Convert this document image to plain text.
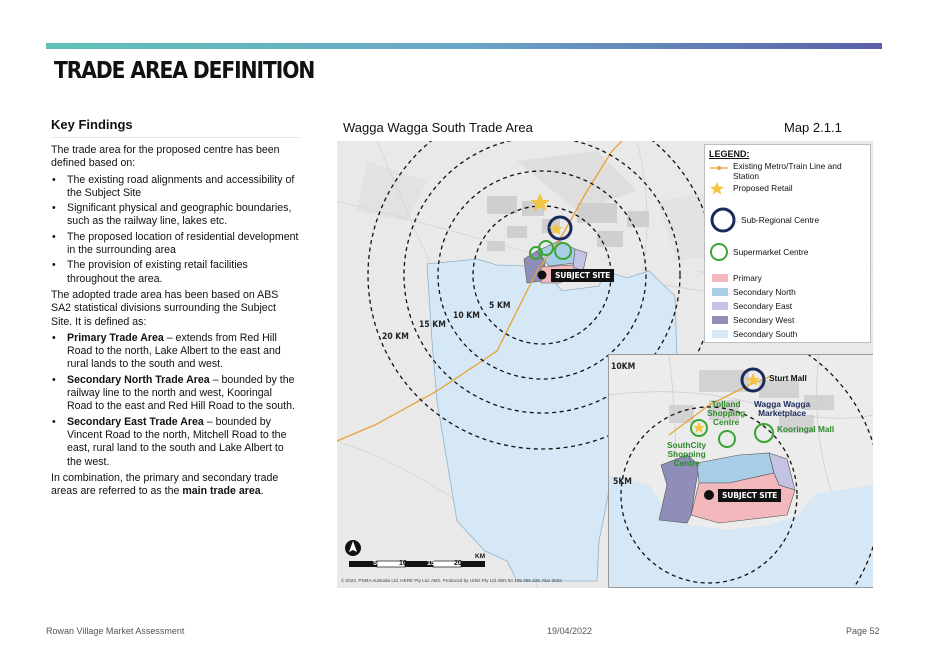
TRADE AREA DEFINITION
Key Findings

The trade area for the proposed centre has been defined based on:

• The existing road alignments and accessibility of the Subject Site
• Significant physical and geographic boundaries, such as the railway line, lakes etc.
• The proposed location of residential development in the surrounding area
• The provision of existing retail facilities throughout the area.

The adopted trade area has been based on ABS SA2 statistical divisions surrounding the Subject Site. It is defined as:

• Primary Trade Area – extends from Red Hill Road to the north, Lake Albert to the east and rural lands to the south and west.
• Secondary North Trade Area – bounded by the railway line to the north and west, Kooringal Road to the east and Red Hill Road to the south.
• Secondary East Trade Area – bounded by Vincent Road to the north, Mitchell Road to the east, rural land to the south and Lake Albert to the west.

In combination, the primary and secondary trade areas are referred to as the main trade area.

Wagga Wagga South Trade Area	Map 2.1.1
5 KM
10 KM
15 KM
20 KM
SUBJECT SITE
5	10	15	20
KM
© 2022, PSMA Australia Ltd, HERE Pty Ltd, ABS. Produced by Urbis Pty Ltd ABN 50 105 256 228, Mar 2022
LEGEND:
Existing Metro/Train Line and Station
Proposed Retail
Sub-Regional Centre
Supermarket Centre
Primary
Secondary North
Secondary East
Secondary West
Secondary South
10KM
5KM
SUBJECT SITE
Sturt Mall
Wagga Wagga
Marketplace
Tolland
Shopping
Centre
Kooringal Mall
SouthCity
Shopping
Centre
Rowan Village Market Assessment	19/04/2022	Page 52
